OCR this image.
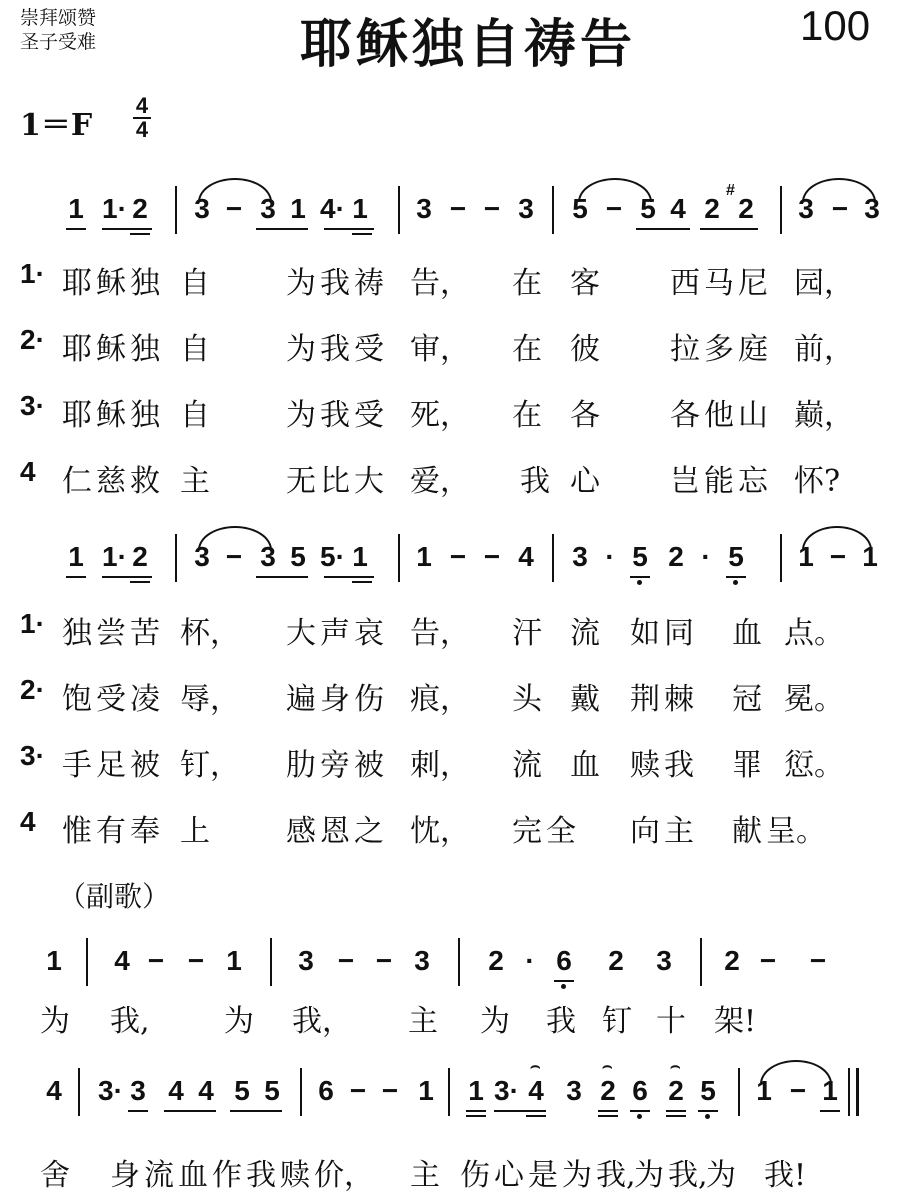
崇拜颂赞
圣子受难	耶稣独自祷告	100
1＝F
4
4
1 1· 2 3 − 3 1 4· 1 3 − − 3 5 − 5 4 2
#
2 3 − 3
1· 耶 稣 独 自	为 我 祷 告， 在 客 西 马 尼 园，
2· 耶 稣 独 自	为 我 受 审， 在 彼 拉 多 庭 前，
3· 耶 稣 独 自	为 我 受 死， 在 各 各 他 山 巅，
4 仁 慈 救 主	无 比 大 爱， 我 心 岂 能 忘 怀?
1 1· 2 3 − 3 5 5· 1 1 − − 4 3 · 5 2 · 5 1 − 1
1· 独 尝 苦 杯， 大 声 哀 告， 汗 流 如 同 血 点。
2· 饱 受 凌 辱， 遍 身 伤 痕， 头 戴 荆 棘 冠 冕。
3· 手 足 被 钉， 肋 旁 被 刺， 流 血 赎 我 罪 愆。
4 惟 有 奉 上	感 恩 之 忱， 完 全 向 主 献 呈。
（副歌）
1 4 − − 1 3 − − 3 2 · 6 2 3 2 − −
为 我, 为 我， 主 为 我 钉 十 架!
4 3· 3 4 4 5 5 6 − − 1 1 3·
⌢
4 3
⌢
2 6
⌢
2 5 1 − 1
舍 身 流 血 作 我 赎 价， 主 伤 心 是 为 我,
为 我,
为 我!
